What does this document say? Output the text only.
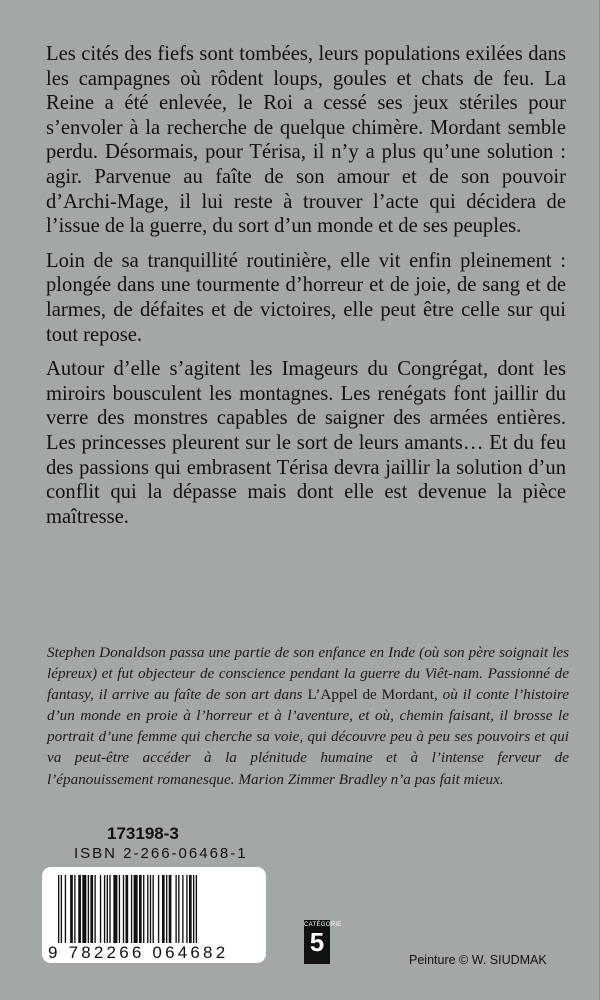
Les cités des fiefs sont tombées, leurs populations exilées dans les campagnes où rôdent loups, goules et chats de feu. La Reine a été enlevée, le Roi a cessé ses jeux stériles pour s’envoler à la recherche de quelque chimère. Mordant semble perdu. Désormais, pour Térisa, il n’y a plus qu’une solution : agir. Parvenue au faîte de son amour et de son pouvoir d’Archi-Mage, il lui reste à trouver l’acte qui décidera de l’issue de la guerre, du sort d’un monde et de ses peuples.

Loin de sa tranquillité routinière, elle vit enfin pleinement : plongée dans une tourmente d’horreur et de joie, de sang et de larmes, de défaites et de victoires, elle peut être celle sur qui tout repose.

Autour d’elle s’agitent les Imageurs du Congrégat, dont les miroirs bousculent les montagnes. Les renégats font jaillir du verre des monstres capables de saigner des armées entières. Les princesses pleurent sur le sort de leurs amants… Et du feu des passions qui embrasent Térisa devra jaillir la solution d’un conflit qui la dépasse mais dont elle est devenue la pièce maîtresse.

Stephen Donaldson passa une partie de son enfance en Inde (où son père soignait les lépreux) et fut objecteur de conscience pendant la guerre du Viêt-nam. Passionné de fantasy, il arrive au faîte de son art dans L’Appel de Mordant, où il conte l’histoire d’un monde en proie à l’horreur et à l’aventure, et où, chemin faisant, il brosse le portrait d’une femme qui cherche sa voie, qui découvre peu à peu ses pouvoirs et qui va peut-être accéder à la plénitude humaine et à l’intense ferveur de l’épanouissement romanesque. Marion Zimmer Bradley n’a pas fait mieux.
173198-3
ISBN 2-266-06468-1
9 782266 064682
CATÉGORIE
5
Peinture © W. SIUDMAK
